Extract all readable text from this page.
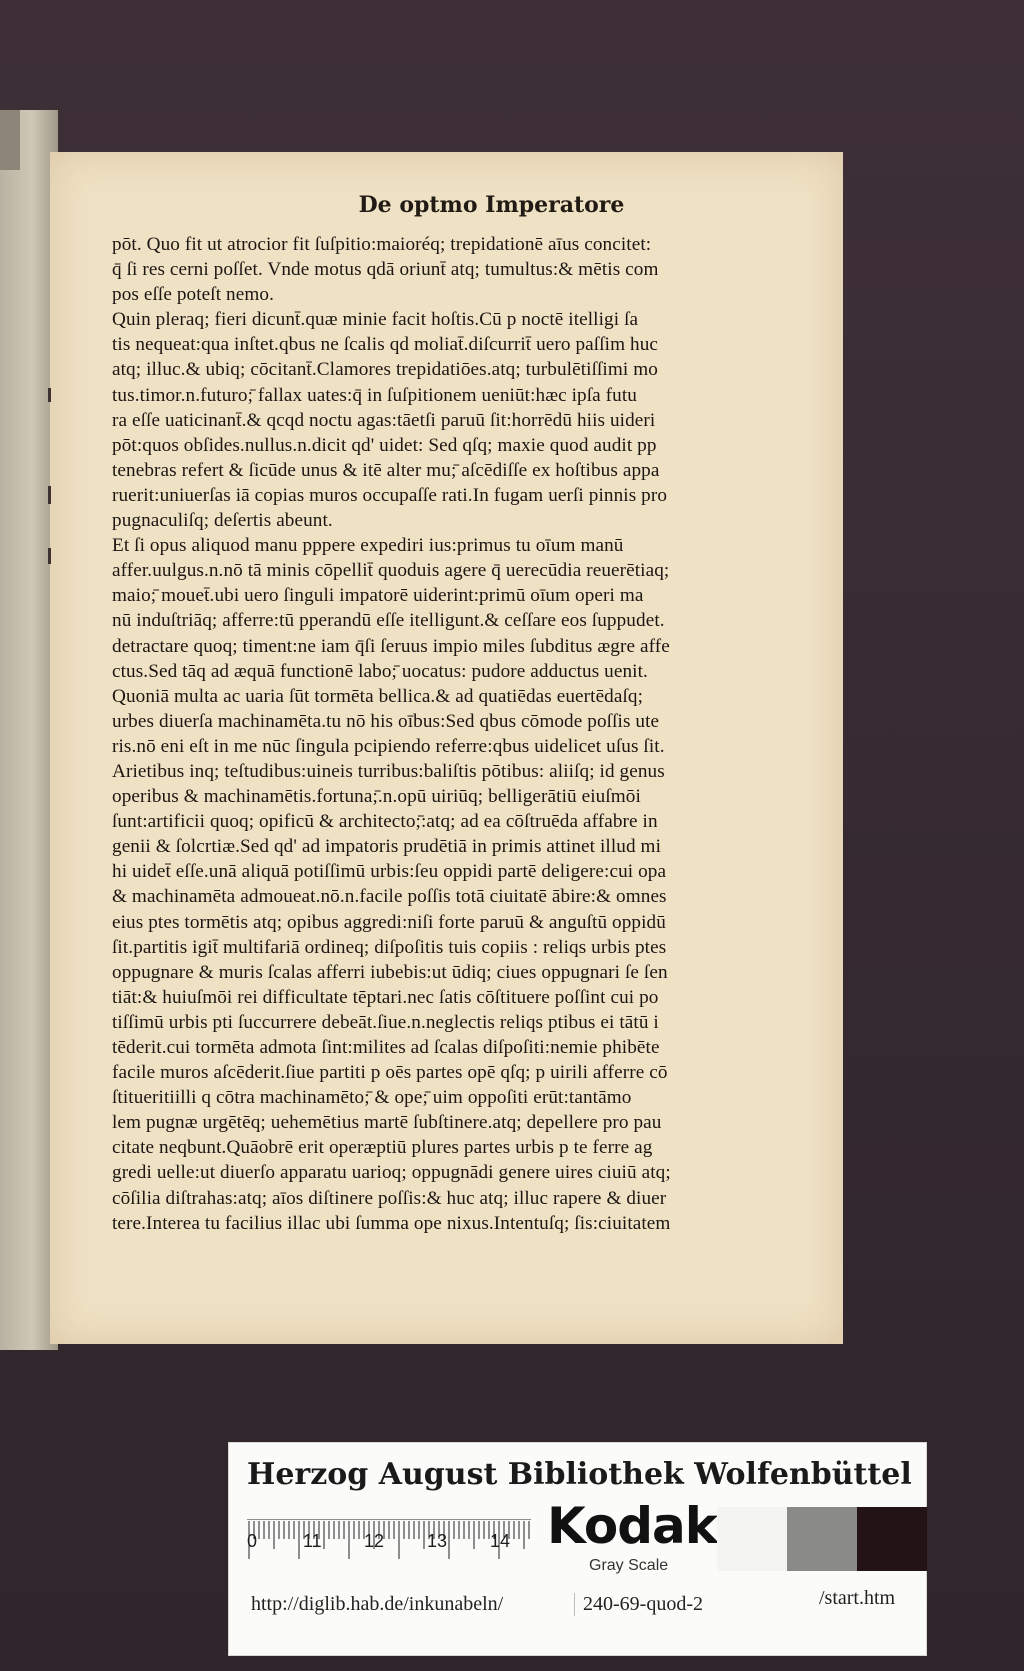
De optmo Imperatore
pōt. Quo fit ut atrocior fit ſuſpitio:maioréq; trepidationē aīus concitet:
q̄ ſi res cerni poſſet. Vnde motus qdā oriunt̄ atq; tumultus:& mētis com
pos eſſe poteſt nemo.
Quin pleraq; fieri dicunt̄.quæ minie facit hoſtis.Cū p noctē itelligi ſa
tis nequeat:qua inſtet.qbus ne ſcalis qd moliat̄.diſcurrit̄ uero paſſim huc
atq; illuc.& ubiq; cōcitant̄.Clamores trepidatiōes.atq; turbulētiſſimi mo
tus.timor.n.futuro;̄ fallax uates:q̄ in ſuſpitionem ueniūt:hæc ipſa futu
ra eſſe uaticinant̄.& qcqd noctu agas:tāetſi paruū ſit:horrēdū hiis uideri
pōt:quos obſides.nullus.n.dicit qd' uidet: Sed qſq; maxie quod audit pp
tenebras refert & ſicūde unus & itē alter mu;̄ aſcēdiſſe ex hoſtibus appa
ruerit:uniuerſas iā copias muros occupaſſe rati.In fugam uerſi pinnis pro
pugnaculiſq; deſertis abeunt.
Et ſi opus aliquod manu pppere expediri ius:primus tu oīum manū
affer.uulgus.n.nō tā minis cōpellit̄ quoduis agere q̄ uerecūdia reuerētiaq;
maio;̄ mouet̄.ubi uero ſinguli impatorē uiderint:primū oīum operi ma
nū induſtriāq; afferre:tū pperandū eſſe itelligunt.& ceſſare eos ſuppudet.
detractare quoq; timent:ne iam q̄ſi ſeruus impio miles ſubditus ægre affe
ctus.Sed tāq ad æquā functionē labo;̄ uocatus: pudore adductus uenit.
Quoniā multa ac uaria ſūt tormēta bellica.& ad quatiēdas euertēdaſq;
urbes diuerſa machinamēta.tu nō his oībus:Sed qbus cōmode poſſis ute
ris.nō eni eſt in me nūc ſingula pcipiendo referre:qbus uidelicet uſus ſit.
Arietibus inq; teſtudibus:uineis turribus:baliſtis pōtibus: aliiſq; id genus
operibus & machinamētis.fortuna;̄.n.opū uiriūq; belligerātiū eiuſmōi
ſunt:artificii quoq; opificū & architecto;̄:atq; ad ea cōſtruēda affabre in
genii & ſolcrtiæ.Sed qd' ad impatoris prudētiā in primis attinet illud mi
hi uidet̄ eſſe.unā aliquā potiſſimū urbis:ſeu oppidi partē deligere:cui opa
& machinamēta admoueat.nō.n.facile poſſis totā ciuitatē ābire:& omnes
eius ptes tormētis atq; opibus aggredi:niſi forte paruū & anguſtū oppidū
ſit.partitis igit̄ multifariā ordineq; diſpoſitis tuis copiis : reliqs urbis ptes
oppugnare & muris ſcalas afferri iubebis:ut ūdiq; ciues oppugnari ſe ſen
tiāt:& huiuſmōi rei difficultate tēptari.nec ſatis cōſtituere poſſint cui po
tiſſimū urbis pti ſuccurrere debeāt.ſiue.n.neglectis reliqs ptibus ei tātū i
tēderit.cui tormēta admota ſint:milites ad ſcalas diſpoſiti:nemie phibēte
facile muros aſcēderit.ſiue partiti p oēs partes opē qſq; p uirili afferre cō
ſtitueritiilli q cōtra machinamēto;̄ & ope;̄ uim oppoſiti erūt:tantāmo
lem pugnæ urgētēq; uehemētius martē ſubſtinere.atq; depellere pro pau
citate neqbunt.Quāobrē erit operæptiū plures partes urbis p te ferre ag
gredi uelle:ut diuerſo apparatu uarioq; oppugnādi genere uires ciuiū atq;
cōſilia diſtrahas:atq; aīos diſtinere poſſis:& huc atq; illuc rapere & diuer
tere.Interea tu facilius illac ubi ſumma ope nixus.Intentuſq; ſis:ciuitatem
Herzog August Bibliothek Wolfenbüttel
0	11 12 13 14 Kodak
Gray Scale
http://diglib.hab.de/inkunabeln/	240-69-quod-2	/start.htm
